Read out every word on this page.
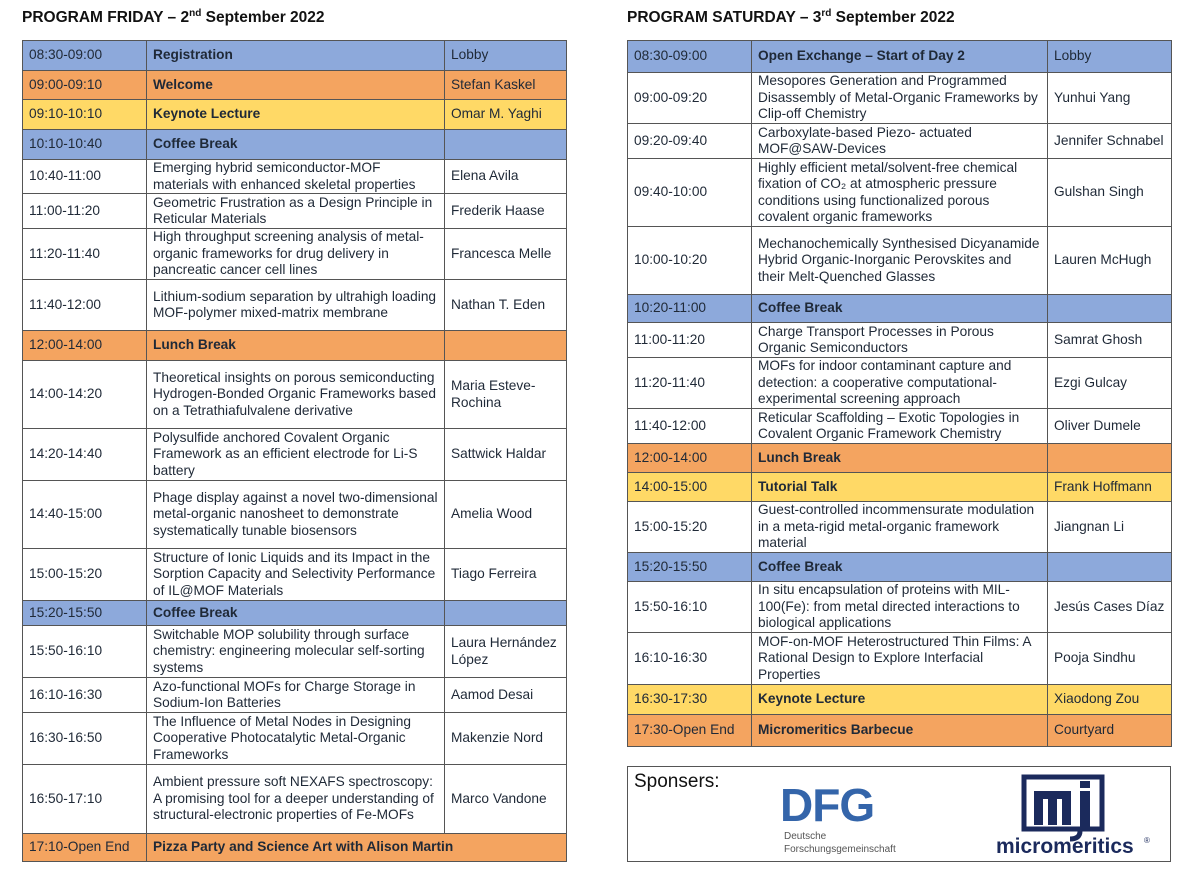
PROGRAM FRIDAY – 2nd September 2022
08:30-09:00	Registration	Lobby
09:00-09:10	Welcome	Stefan Kaskel
09:10-10:10	Keynote Lecture	Omar M. Yaghi
10:10-10:40	Coffee Break	
10:40-11:00	Emerging hybrid semiconductor-MOF materials with enhanced skeletal properties	Elena Avila
11:00-11:20	Geometric Frustration as a Design Principle in Reticular Materials	Frederik Haase
11:20-11:40	High throughput screening analysis of metal-organic frameworks for drug delivery in pancreatic cancer cell lines	Francesca Melle
11:40-12:00	Lithium-sodium separation by ultrahigh loading MOF-polymer mixed-matrix membrane	Nathan T. Eden
12:00-14:00	Lunch Break	
14:00-14:20	Theoretical insights on porous semiconducting Hydrogen-Bonded Organic Frameworks based on a Tetrathiafulvalene derivative	Maria Esteve-Rochina
14:20-14:40	Polysulfide anchored Covalent Organic Framework as an efficient electrode for Li-S battery	Sattwick Haldar
14:40-15:00	Phage display against a novel two-dimensional metal-organic nanosheet to demonstrate systematically tunable biosensors	Amelia Wood
15:00-15:20	Structure of Ionic Liquids and its Impact in the Sorption Capacity and Selectivity Performance of IL@MOF Materials	Tiago Ferreira
15:20-15:50	Coffee Break	
15:50-16:10	Switchable MOP solubility through surface chemistry: engineering molecular self-sorting systems	Laura Hernández López
16:10-16:30	Azo-functional MOFs for Charge Storage in Sodium-Ion Batteries	Aamod Desai
16:30-16:50	The Influence of Metal Nodes in Designing Cooperative Photocatalytic Metal-Organic Frameworks	Makenzie Nord
16:50-17:10	Ambient pressure soft NEXAFS spectroscopy: A promising tool for a deeper understanding of structural-electronic properties of Fe-MOFs	Marco Vandone
17:10-Open End	Pizza Party and Science Art with Alison Martin	
PROGRAM SATURDAY – 3rd September 2022
08:30-09:00	Open Exchange – Start of Day 2	Lobby
09:00-09:20	Mesopores Generation and Programmed Disassembly of Metal-Organic Frameworks by Clip-off Chemistry	Yunhui Yang
09:20-09:40	Carboxylate-based Piezo- actuated MOF@SAW-Devices	Jennifer Schnabel
09:40-10:00	Highly efficient metal/solvent-free chemical fixation of CO₂ at atmospheric pressure conditions using functionalized porous covalent organic frameworks	Gulshan Singh
10:00-10:20	Mechanochemically Synthesised Dicyanamide Hybrid Organic-Inorganic Perovskites and their Melt-Quenched Glasses	Lauren McHugh
10:20-11:00	Coffee Break	
11:00-11:20	Charge Transport Processes in Porous Organic Semiconductors	Samrat Ghosh
11:20-11:40	MOFs for indoor contaminant capture and detection: a cooperative computational-experimental screening approach	Ezgi Gulcay
11:40-12:00	Reticular Scaffolding – Exotic Topologies in Covalent Organic Framework Chemistry	Oliver Dumele
12:00-14:00	Lunch Break	
14:00-15:00	Tutorial Talk	Frank Hoffmann
15:00-15:20	Guest-controlled incommensurate modulation in a meta-rigid metal-organic framework material	Jiangnan Li
15:20-15:50	Coffee Break	
15:50-16:10	In situ encapsulation of proteins with MIL-100(Fe): from metal directed interactions to biological applications	Jesús Cases Díaz
16:10-16:30	MOF-on-MOF Heterostructured Thin Films: A Rational Design to Explore Interfacial Properties	Pooja Sindhu
16:30-17:30	Keynote Lecture	Xiaodong Zou
17:30-Open End	Micromeritics Barbecue	Courtyard
Sponsers: DFG
Deutsche
Forschungsgemeinschaft	micromeritics ®
